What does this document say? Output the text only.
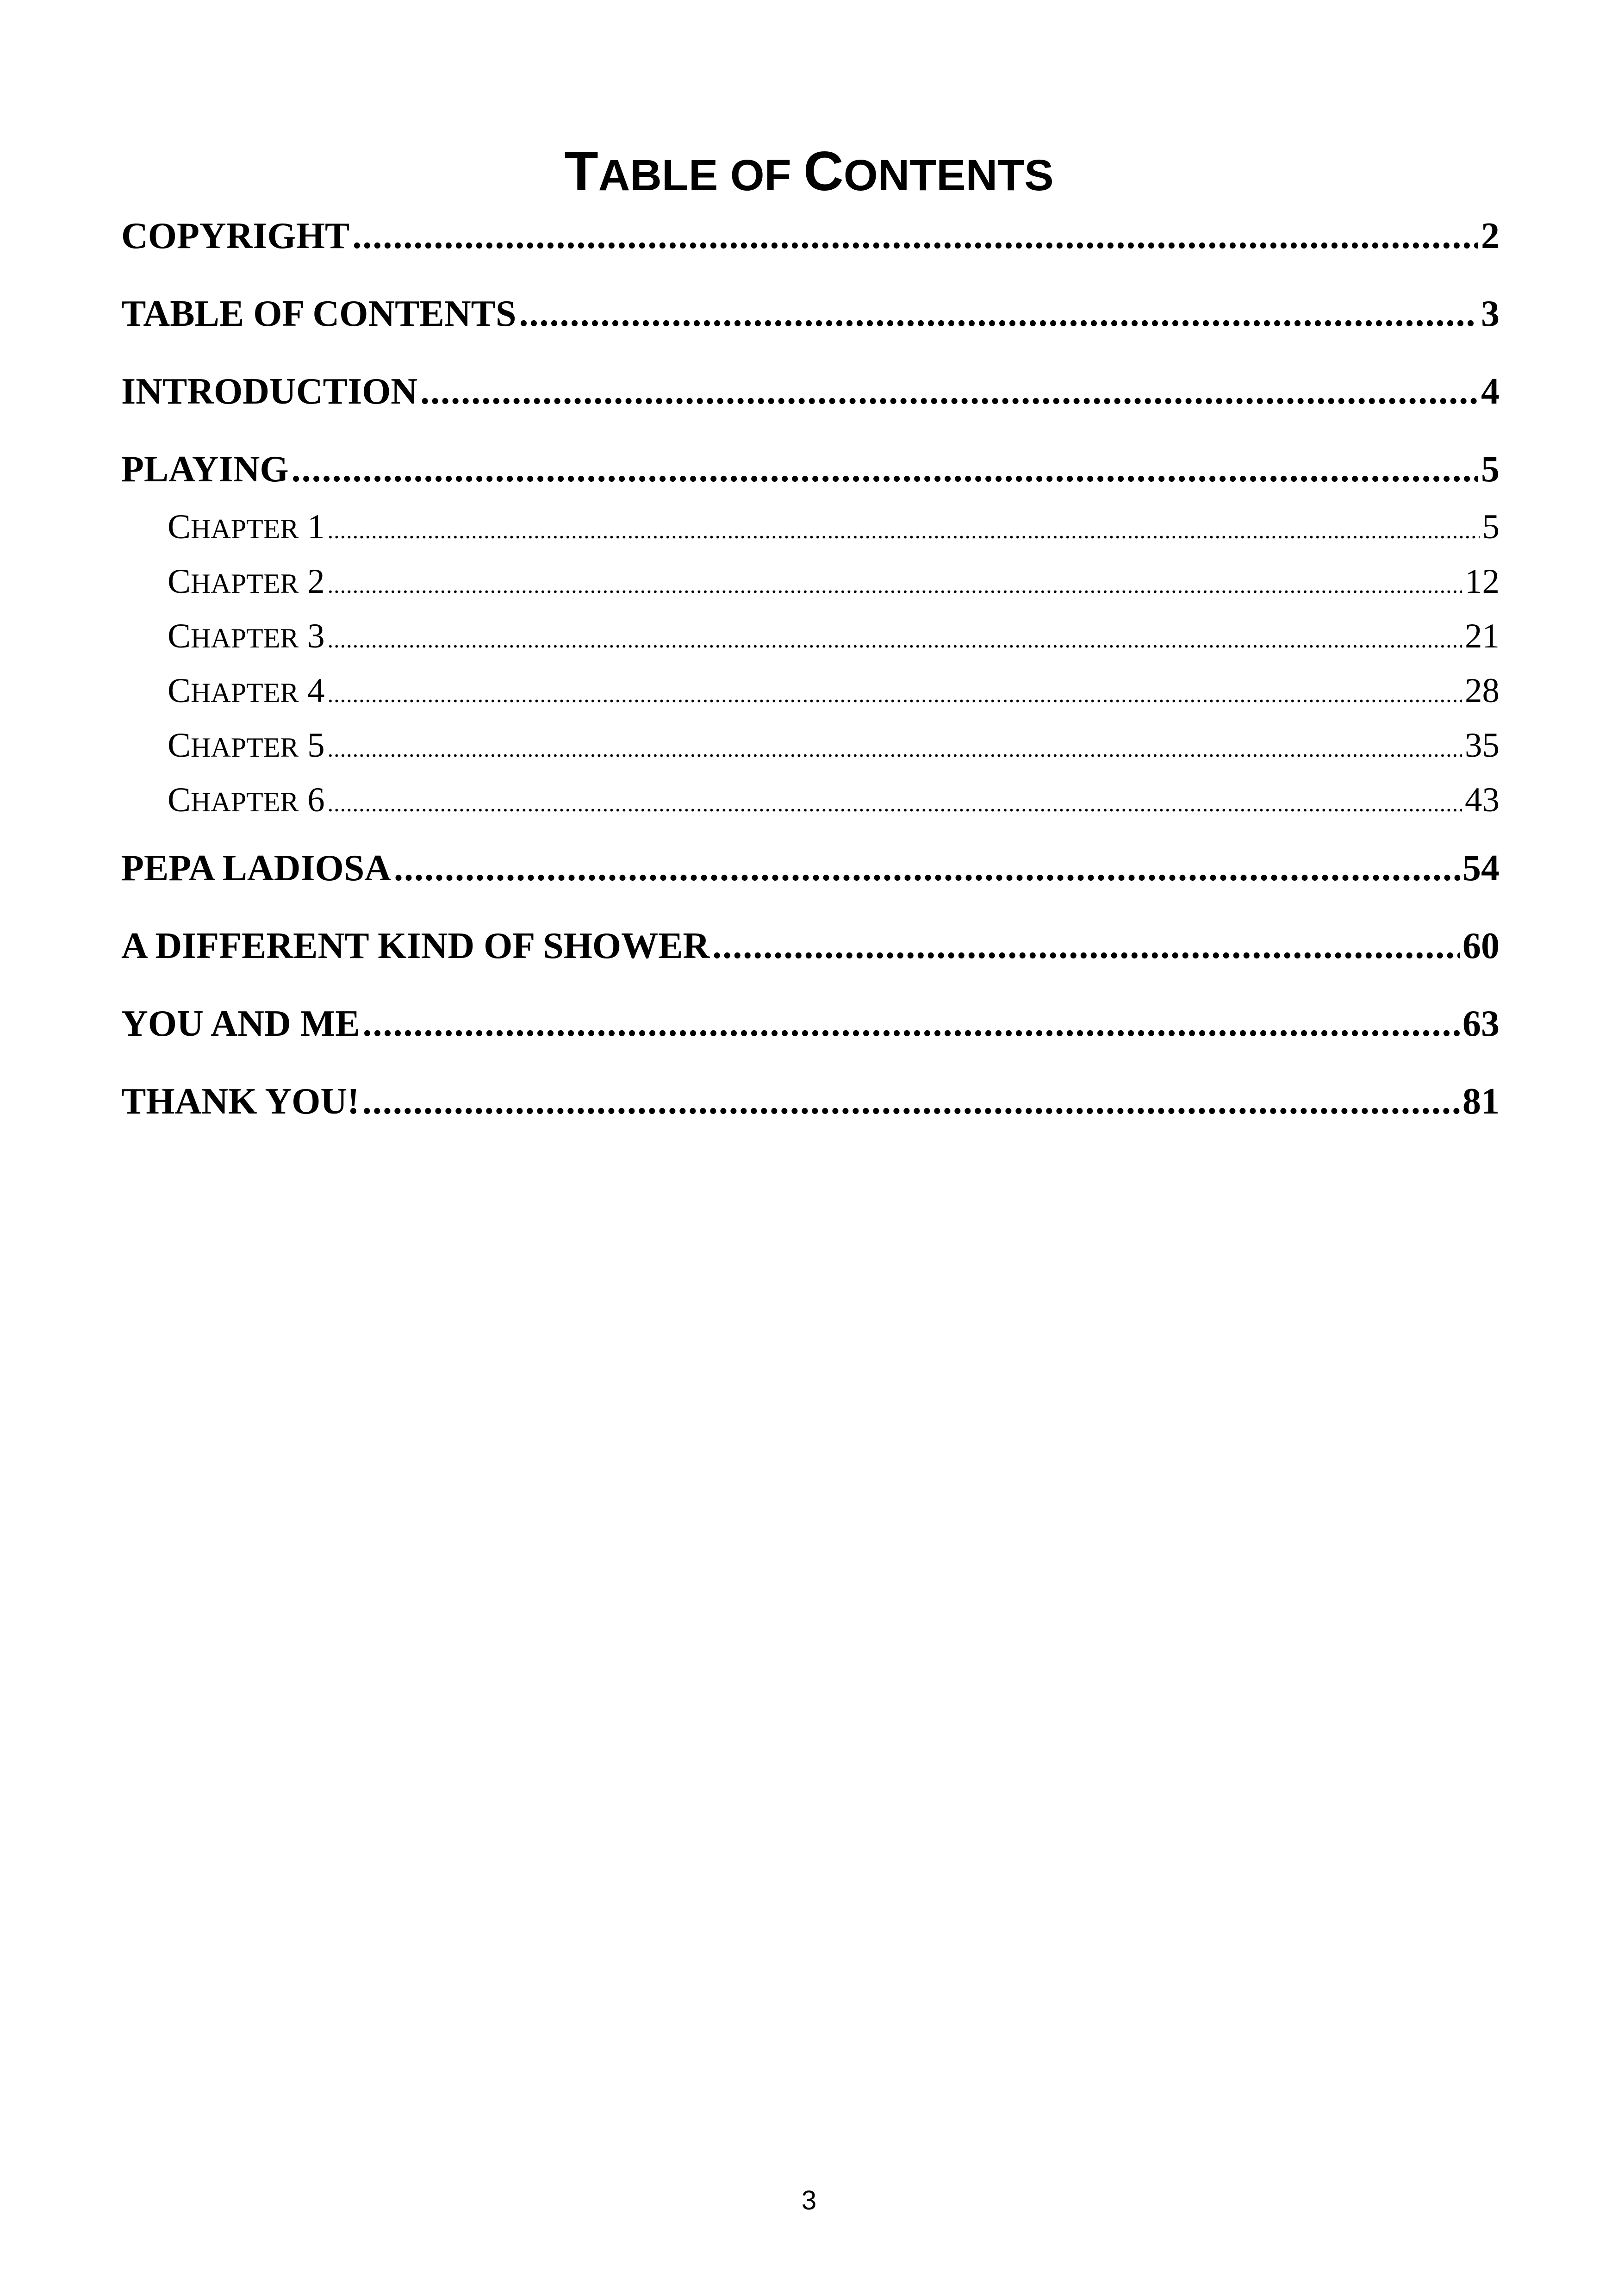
TABLE OF CONTENTS
COPYRIGHT .....	2
TABLE OF CONTENTS .....	3
INTRODUCTION .....	4
PLAYING .....	5
CHAPTER 1 .....	5
CHAPTER 2 .....	12
CHAPTER 3 .....	21
CHAPTER 4 .....	28
CHAPTER 5 .....	35
CHAPTER 6 .....	43
PEPA LADIOSA .....	54
A DIFFERENT KIND OF SHOWER .....	60
YOU AND ME .....	63
THANK YOU! .....	81
3
